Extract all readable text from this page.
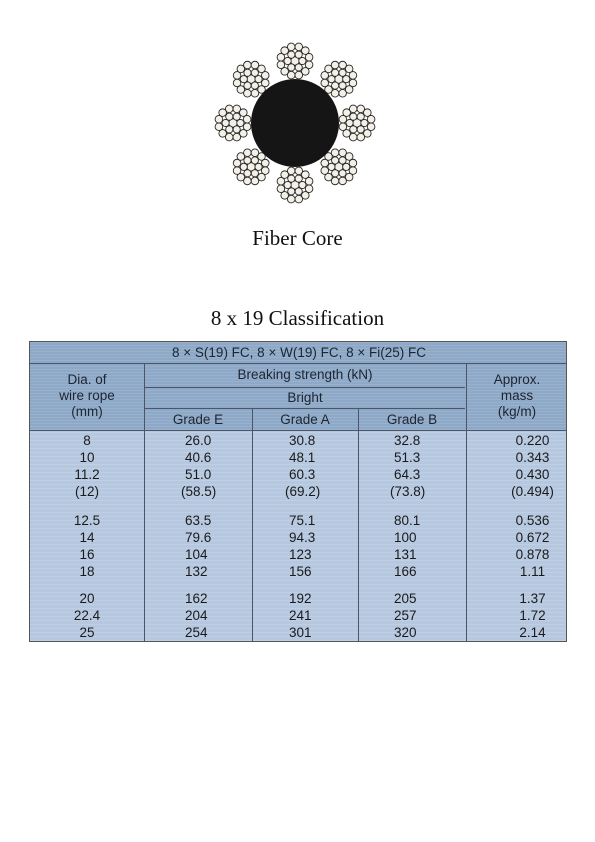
Fiber Core
8 x 19 Classification
8 × S(19) FC, 8 × W(19) FC, 8 × Fi(25) FC
Dia. of
wire rope
(mm)
Breaking strength (kN)
Bright
Grade E	Grade A	Grade B
Approx.
mass
(kg/m)
8	26.0	30.8	32.8	0.220
10	40.6	48.1	51.3	0.343
11.2	51.0	60.3	64.3	0.430
(12)	(58.5)	(69.2)	(73.8)	(0.494)
12.5	63.5	75.1	80.1	0.536
14	79.6	94.3	100	0.672
16	104	123	131	0.878
18	132	156	166	1.11
20	162	192	205	1.37
22.4	204	241	257	1.72
25	254	301	320	2.14
